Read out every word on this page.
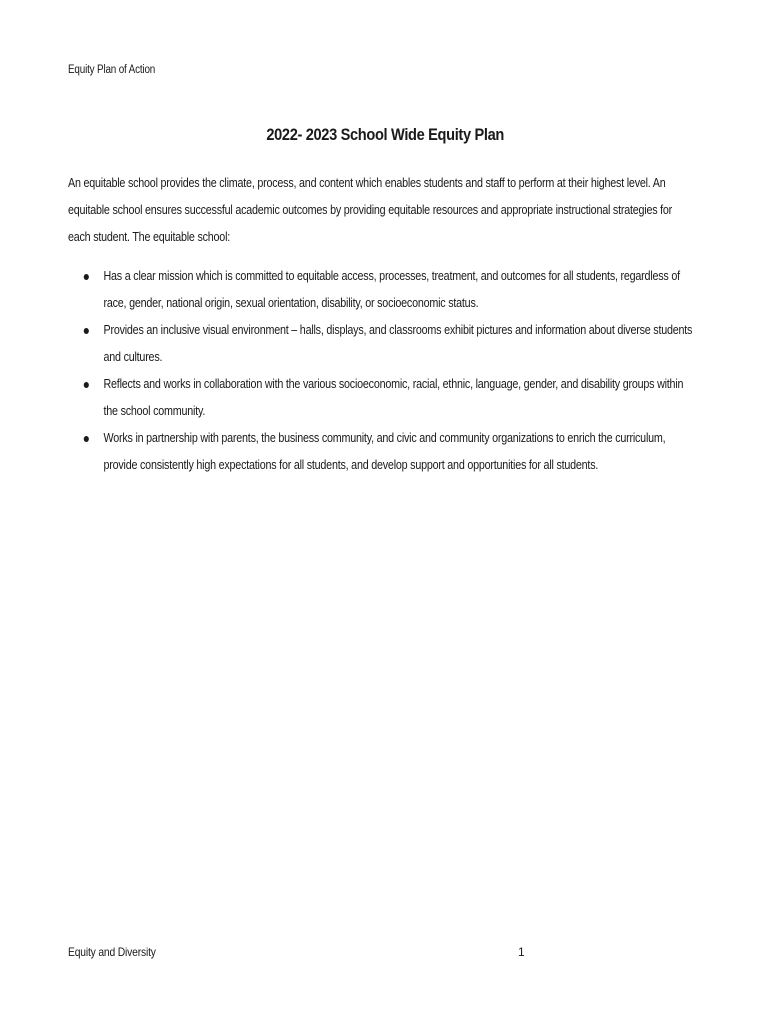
Equity Plan of Action
2022- 2023 School Wide Equity Plan

An equitable school provides the climate, process, and content which enables students and staff to perform at their highest level. An equitable school ensures successful academic outcomes by providing equitable resources and appropriate instructional strategies for each student. The equitable school:

Has a clear mission which is committed to equitable access, processes, treatment, and outcomes for all students, regardless of race, gender, national origin, sexual orientation, disability, or socioeconomic status.
Provides an inclusive visual environment – halls, displays, and classrooms exhibit pictures and information about diverse students and cultures.
Reflects and works in collaboration with the various socioeconomic, racial, ethnic, language, gender, and disability groups within the school community.
Works in partnership with parents, the business community, and civic and community organizations to enrich the curriculum, provide consistently high expectations for all students, and develop support and opportunities for all students.
Equity and Diversity	1
